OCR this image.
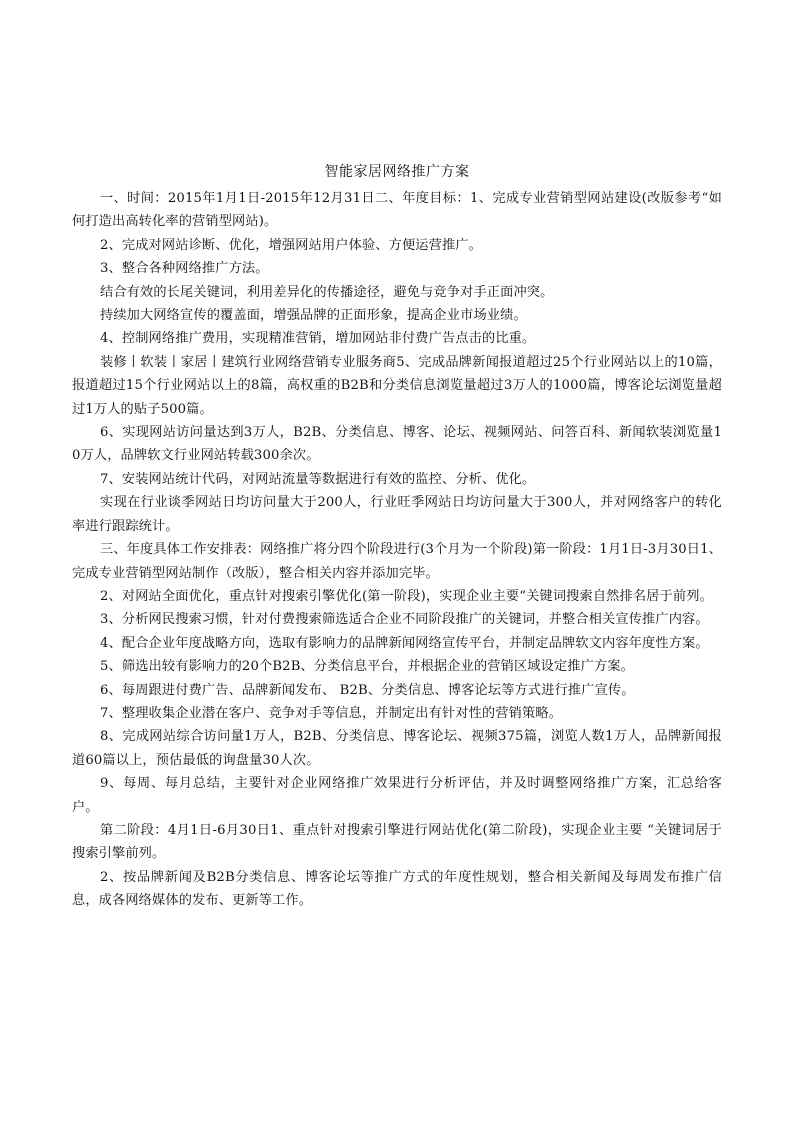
智能家居网络推广方案

一、时间：2015年1月1日-2015年12月31日二、年度目标：1、完成专业营销型网站建设(改版参考“如何打造出高转化率的营销型网站)。

2、完成对网站诊断、优化，增强网站用户体验、方便运营推广。

3、整合各种网络推广方法。

结合有效的长尾关键词，利用差异化的传播途径，避免与竞争对手正面冲突。

持续加大网络宣传的覆盖面，增强品牌的正面形象，提高企业市场业绩。

4、控制网络推广费用，实现精准营销，增加网站非付费广告点击的比重。

装修丨软装丨家居丨建筑行业网络营销专业服务商5、完成品牌新闻报道超过25个行业网站以上的10篇，报道超过15个行业网站以上的8篇，高权重的B2B和分类信息浏览量超过3万人的1000篇，博客论坛浏览量超过1万人的贴子500篇。

6、实现网站访问量达到3万人，B2B、分类信息、博客、论坛、视频网站、问答百科、新闻软装浏览量10万人，品牌软文行业网站转载300余次。

7、安装网站统计代码，对网站流量等数据进行有效的监控、分析、优化。

实现在行业谈季网站日均访问量大于200人，行业旺季网站日均访问量大于300人，并对网络客户的转化率进行跟踪统计。

三、年度具体工作安排表：网络推广将分四个阶段进行(3个月为一个阶段)第一阶段：1月1日-3月30日1、完成专业营销型网站制作（改版），整合相关内容并添加完毕。

2、对网站全面优化，重点针对搜索引擎优化(第一阶段)，实现企业主要“关键词搜索自然排名居于前列。

3、分析网民搜索习惯，针对付费搜索筛选适合企业不同阶段推广的关键词，并整合相关宣传推广内容。

4、配合企业年度战略方向，选取有影响力的品牌新闻网络宣传平台，并制定品牌软文内容年度性方案。

5、筛选出较有影响力的20个B2B、分类信息平台，并根据企业的营销区域设定推广方案。

6、每周跟进付费广告、品牌新闻发布、 B2B、分类信息、博客论坛等方式进行推广宣传。

7、整理收集企业潜在客户、竞争对手等信息，并制定出有针对性的营销策略。

8、完成网站综合访问量1万人，B2B、分类信息、博客论坛、视频375篇，浏览人数1万人，品牌新闻报道60篇以上，预估最低的询盘量30人次。

9、每周、每月总结，主要针对企业网络推广效果进行分析评估，并及时调整网络推广方案，汇总给客户。

第二阶段：4月1日-6月30日1、重点针对搜索引擎进行网站优化(第二阶段)，实现企业主要 “关键词居于搜索引擎前列。

2、按品牌新闻及B2B分类信息、博客论坛等推广方式的年度性规划，整合相关新闻及每周发布推广信息，成各网络媒体的发布、更新等工作。
